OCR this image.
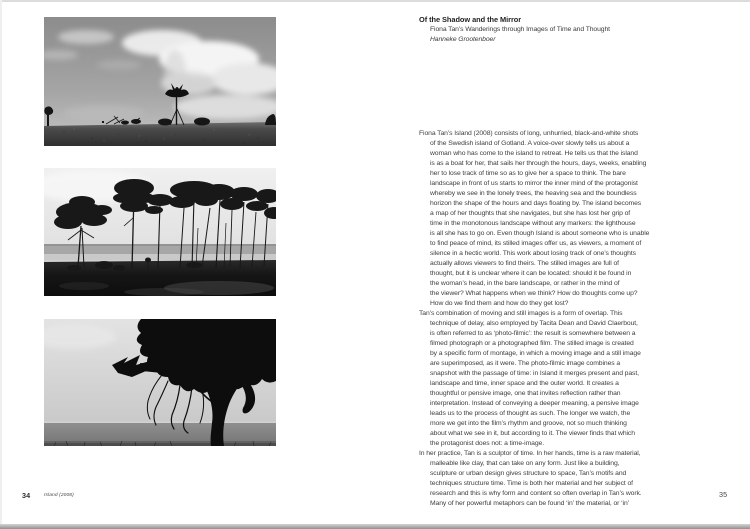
34	Island (2008)
Of the Shadow and the Mirror
Fiona Tan’s Wanderings through Images of Time and Thought
Hanneke Grootenboer
Fiona Tan’s Island (2008) consists of long, unhurried, black-and-white shots
of the Swedish island of Gotland. A voice-over slowly tells us about a
woman who has come to the island to retreat. He tells us that the island
is as a boat for her, that sails her through the hours, days, weeks, enabling
her to lose track of time so as to give her a space to think. The bare
landscape in front of us starts to mirror the inner mind of the protagonist
whereby we see in the lonely trees, the heaving sea and the boundless
horizon the shape of the hours and days floating by. The island becomes
a map of her thoughts that she navigates, but she has lost her grip of
time in the monotonous landscape without any markers: the lighthouse
is all she has to go on. Even though Island is about someone who is unable
to find peace of mind, its stilled images offer us, as viewers, a moment of
silence in a hectic world. This work about losing track of one’s thoughts
actually allows viewers to find theirs. The stilled images are full of
thought, but it is unclear where it can be located: should it be found in
the woman’s head, in the bare landscape, or rather in the mind of
the viewer? What happens when we think? How do thoughts come up?
How do we find them and how do they get lost?
Tan’s combination of moving and still images is a form of overlap. This
technique of delay, also employed by Tacita Dean and David Claerbout,
is often referred to as ‘photo-filmic’: the result is somewhere between a
filmed photograph or a photographed film. The stilled image is created
by a specific form of montage, in which a moving image and a still image
are superimposed, as it were. The photo-filmic image combines a
snapshot with the passage of time: in Island it merges present and past,
landscape and time, inner space and the outer world. It creates a
thoughtful or pensive image, one that invites reflection rather than
interpretation. Instead of conveying a deeper meaning, a pensive image
leads us to the process of thought as such. The longer we watch, the
more we get into the film’s rhythm and groove, not so much thinking
about what we see in it, but according to it. The viewer finds that which
the protagonist does not: a time-image.
In her practice, Tan is a sculptor of time. In her hands, time is a raw material,
malleable like clay, that can take on any form. Just like a building,
sculpture or urban design gives structure to space, Tan’s motifs and
techniques structure time. Time is both her material and her subject of
research and this is why form and content so often overlap in Tan’s work.
Many of her powerful metaphors can be found ‘in’ the material, or ‘in’
35
